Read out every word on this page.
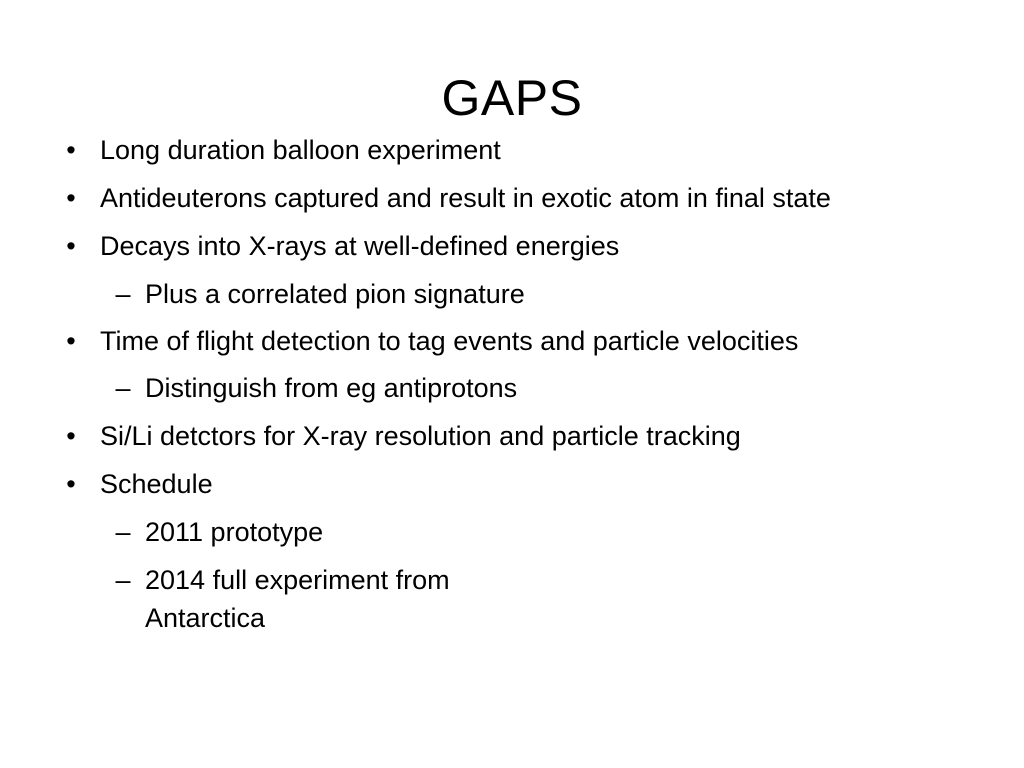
GAPS
• Long duration balloon experiment
• Antideuterons captured and result in exotic atom in final state
• Decays into X-rays at well-defined energies
– Plus a correlated pion signature
• Time of flight detection to tag events and particle velocities
– Distinguish from eg antiprotons
• Si/Li detctors for X-ray resolution and particle tracking
• Schedule
– 2011 prototype
– 2014 full experiment from Antarctica
